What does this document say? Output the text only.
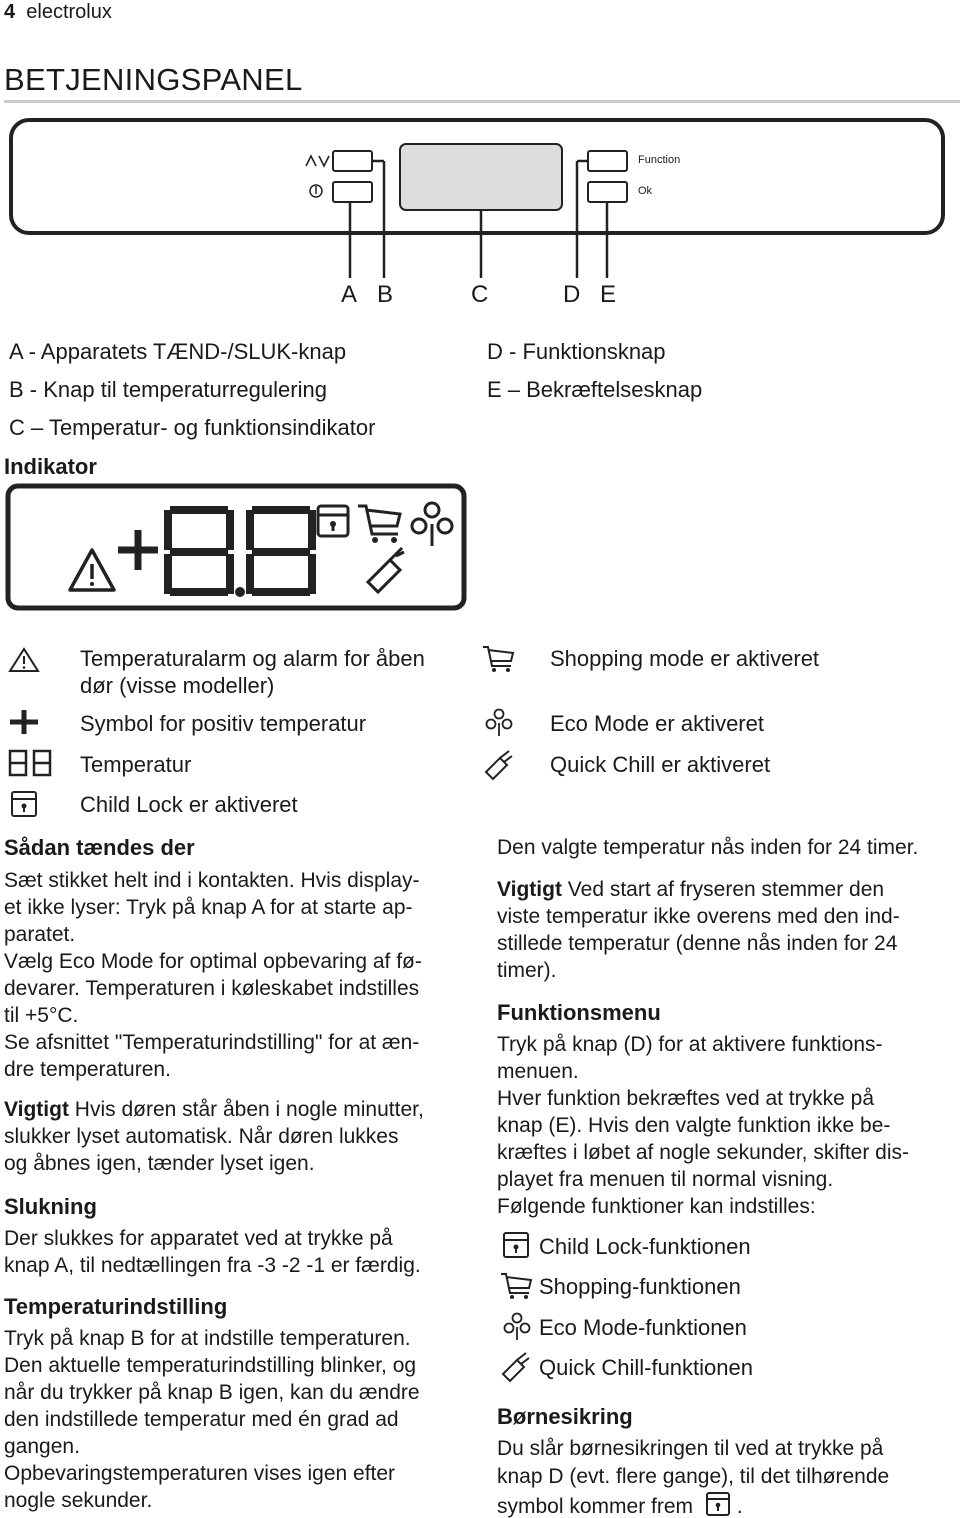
4 electrolux
BETJENINGSPANEL
Function
Ok
A B	C	D E
A - Apparatets TÆND-/SLUK-knap
B - Knap til temperaturregulering
C – Temperatur- og funktionsindikator
D - Funktionsknap
E – Bekræftelsesknap
Indikator
Temperaturalarm og alarm for åben
dør (visse modeller)
Symbol for positiv temperatur
Temperatur
Child Lock er aktiveret
Shopping mode er aktiveret
Eco Mode er aktiveret
Quick Chill er aktiveret
Sådan tændes der
Sæt stikket helt ind i kontakten. Hvis display-
et ikke lyser: Tryk på knap A for at starte ap-
paratet.
Vælg Eco Mode for optimal opbevaring af fø-
devarer. Temperaturen i køleskabet indstilles
til +5°C.
Se afsnittet "Temperaturindstilling" for at æn-
dre temperaturen.
Vigtigt Hvis døren står åben i nogle minutter,
slukker lyset automatisk. Når døren lukkes
og åbnes igen, tænder lyset igen.
Slukning
Der slukkes for apparatet ved at trykke på
knap A, til nedtællingen fra -3 -2 -1 er færdig.
Temperaturindstilling
Tryk på knap B for at indstille temperaturen.
Den aktuelle temperaturindstilling blinker, og
når du trykker på knap B igen, kan du ændre
den indstillede temperatur med én grad ad
gangen.
Opbevaringstemperaturen vises igen efter
nogle sekunder.
Den valgte temperatur nås inden for 24 timer.
Vigtigt Ved start af fryseren stemmer den
viste temperatur ikke overens med den ind-
stillede temperatur (denne nås inden for 24
timer).
Funktionsmenu
Tryk på knap (D) for at aktivere funktions-
menuen.
Hver funktion bekræftes ved at trykke på
knap (E). Hvis den valgte funktion ikke be-
kræftes i løbet af nogle sekunder, skifter dis-
playet fra menuen til normal visning.
Følgende funktioner kan indstilles:
Child Lock-funktionen
Shopping-funktionen
Eco Mode-funktionen
Quick Chill-funktionen
Børnesikring
Du slår børnesikringen til ved at trykke på
knap D (evt. flere gange), til det tilhørende
symbol kommer frem .
